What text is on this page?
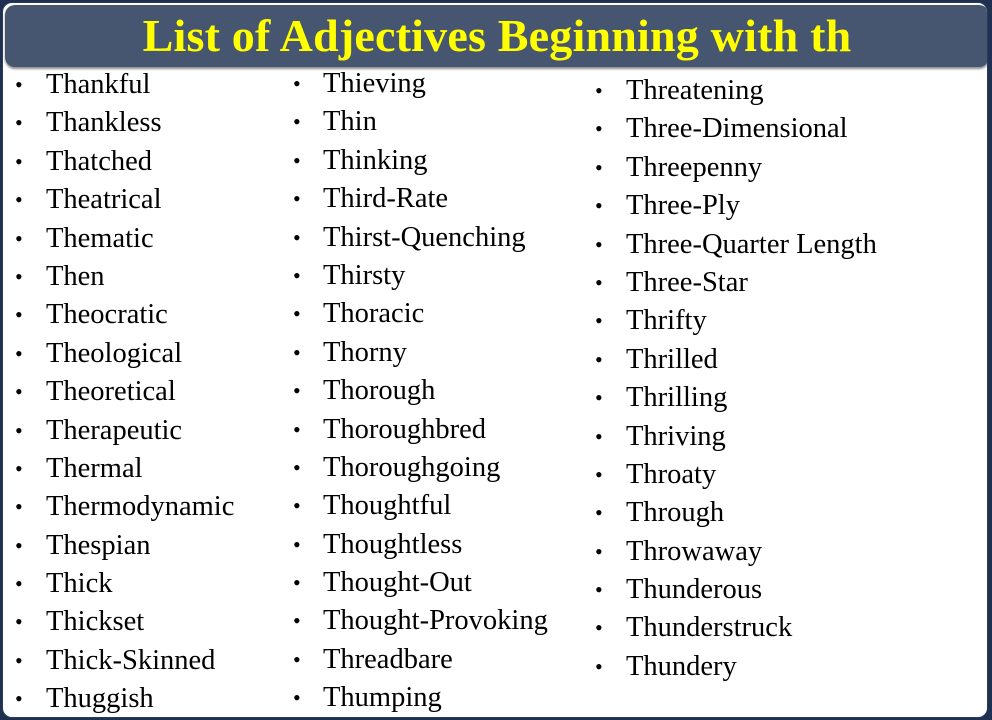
List of Adjectives Beginning with th
• Thankful
• Thankless
• Thatched
• Theatrical
• Thematic
• Then
• Theocratic
• Theological
• Theoretical
• Therapeutic
• Thermal
• Thermodynamic
• Thespian
• Thick
• Thickset
• Thick-Skinned
• Thuggish
• Thieving
• Thin
• Thinking
• Third-Rate
• Thirst-Quenching
• Thirsty
• Thoracic
• Thorny
• Thorough
• Thoroughbred
• Thoroughgoing
• Thoughtful
• Thoughtless
• Thought-Out
• Thought-Provoking
• Threadbare
• Thumping
• Threatening
• Three-Dimensional
• Threepenny
• Three-Ply
• Three-Quarter Length
• Three-Star
• Thrifty
• Thrilled
• Thrilling
• Thriving
• Throaty
• Through
• Throwaway
• Thunderous
• Thunderstruck
• Thundery
